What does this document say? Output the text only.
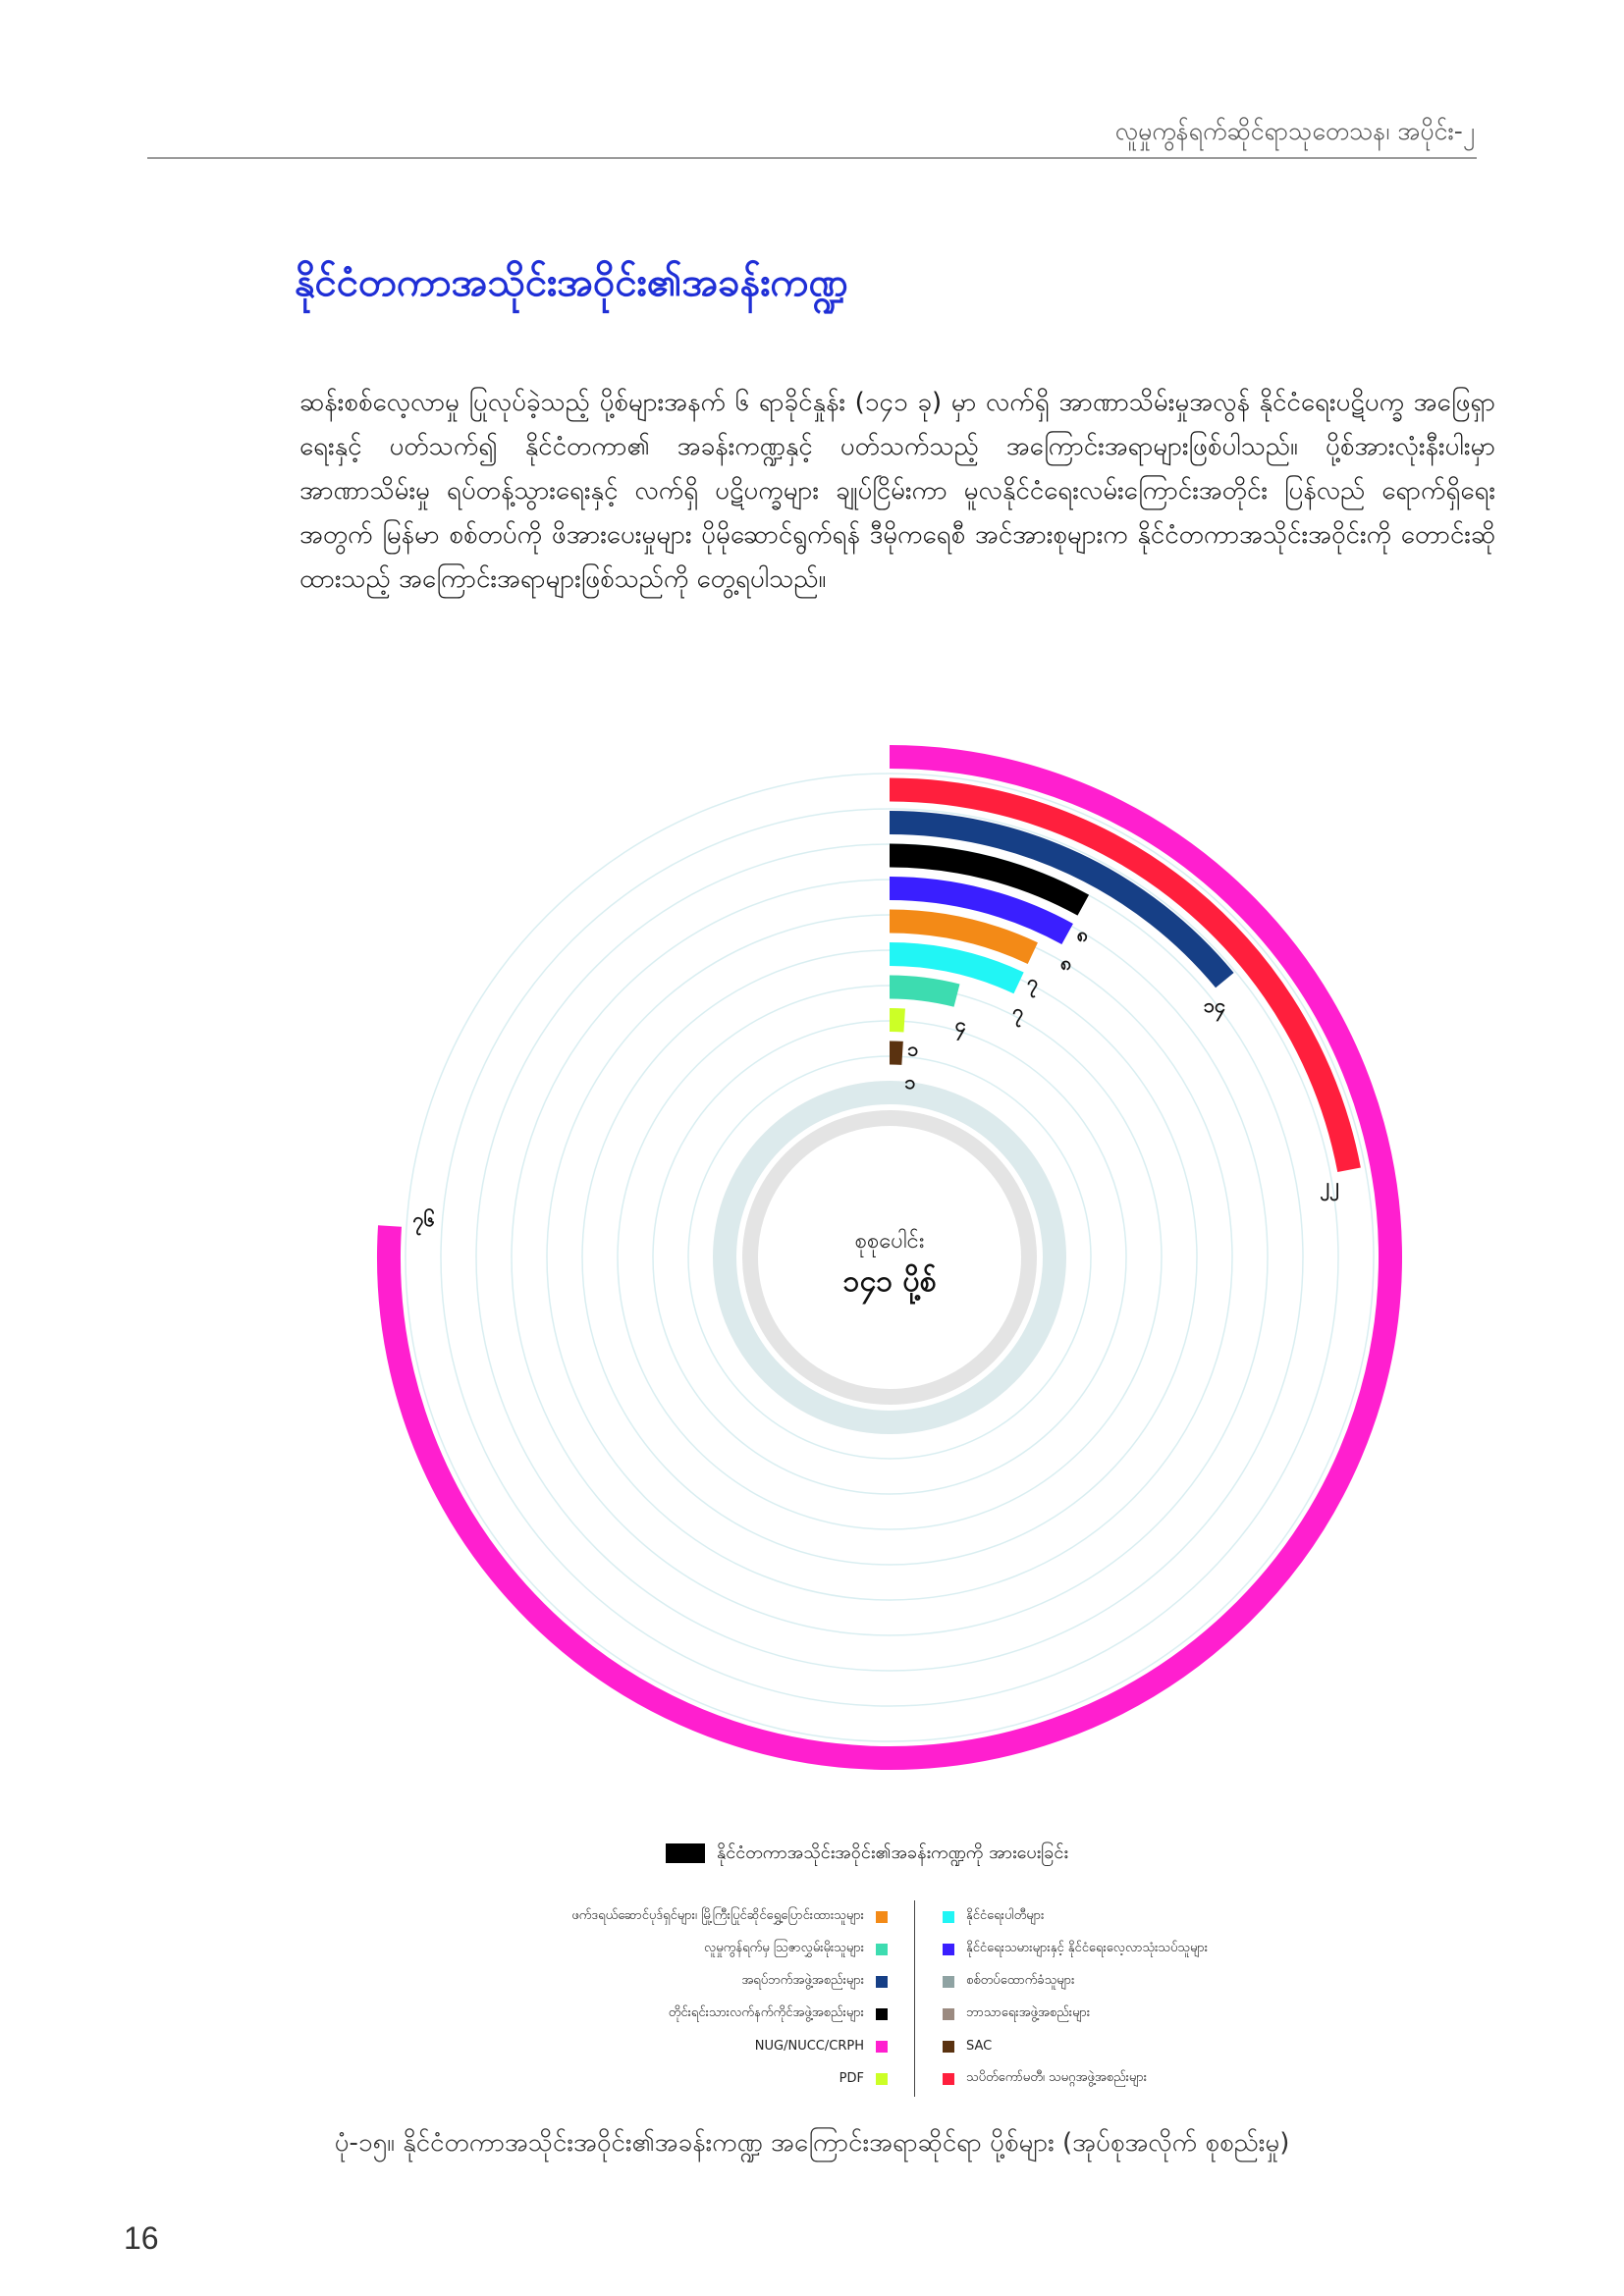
လူမှုကွန်ရက်ဆိုင်ရာသုတေသန၊ အပိုင်း-၂
နိုင်ငံတကာအသိုင်းအဝိုင်း၏အခန်းကဏ္ဍ

ဆန်းစစ်လေ့လာမှု ပြုလုပ်ခဲ့သည့် ပို့စ်များအနက် ၆ ရာခိုင်နှုန်း (၁၄၁ ခု) မှာ လက်ရှိ အာဏာသိမ်းမှုအလွန် နိုင်ငံရေးပဋိပက္ခ အဖြေရှာရေးနှင့် ပတ်သက်၍ နိုင်ငံတကာ၏ အခန်းကဏ္ဍနှင့် ပတ်သက်သည့် အကြောင်းအရာများဖြစ်ပါသည်။ ပို့စ်အားလုံးနီးပါးမှာ အာဏာသိမ်းမှု ရပ်တန့်သွားရေးနှင့် လက်ရှိ ပဋိပက္ခများ ချုပ်ငြိမ်းကာ မူလနိုင်ငံရေးလမ်းကြောင်းအတိုင်း ပြန်လည် ရောက်ရှိရေးအတွက် မြန်မာ စစ်တပ်ကို ဖိအားပေးမှုများ ပိုမိုဆောင်ရွက်ရန် ဒီမိုကရေစီ အင်အားစုများက နိုင်ငံတကာအသိုင်းအဝိုင်းကို တောင်းဆိုထားသည့် အကြောင်းအရာများဖြစ်သည်ကို တွေ့ရပါသည်။

၇၆
၂၂
၁၄
၈
၈
၇
၇
၄
၁
၁
စုစုပေါင်း
၁၄၁ ပို့စ်
နိုင်ငံတကာအသိုင်းအဝိုင်း၏အခန်းကဏ္ဍကို အားပေးခြင်း
ဖက်ဒရယ်ဆောင်ပုဒ်ရှင်များ၊ မြို့ကြီးပြုင်ဆိုင်ရွှေ့ပြောင်းထားသူများ
လူမှုကွန်ရက်မှ ဩဇာလွှမ်းမိုးသူများ
အရပ်ဘက်အဖွဲ့အစည်းများ
တိုင်းရင်းသားလက်နက်ကိုင်အဖွဲ့အစည်းများ
NUG/NUCC/CRPH
PDF
နိုင်ငံရေးပါတီများ
နိုင်ငံရေးသမားများနှင့် နိုင်ငံရေးလေ့လာသုံးသပ်သူများ
စစ်တပ်ထောက်ခံသူများ
ဘာသာရေးအဖွဲ့အစည်းများ
SAC
သပိတ်ကော်မတီ၊ သမဂ္ဂအဖွဲ့အစည်းများ

ပုံ-၁၅။ နိုင်ငံတကာအသိုင်းအဝိုင်း၏အခန်းကဏ္ဍ အကြောင်းအရာဆိုင်ရာ ပို့စ်များ (အုပ်စုအလိုက် စုစည်းမှု)

16
